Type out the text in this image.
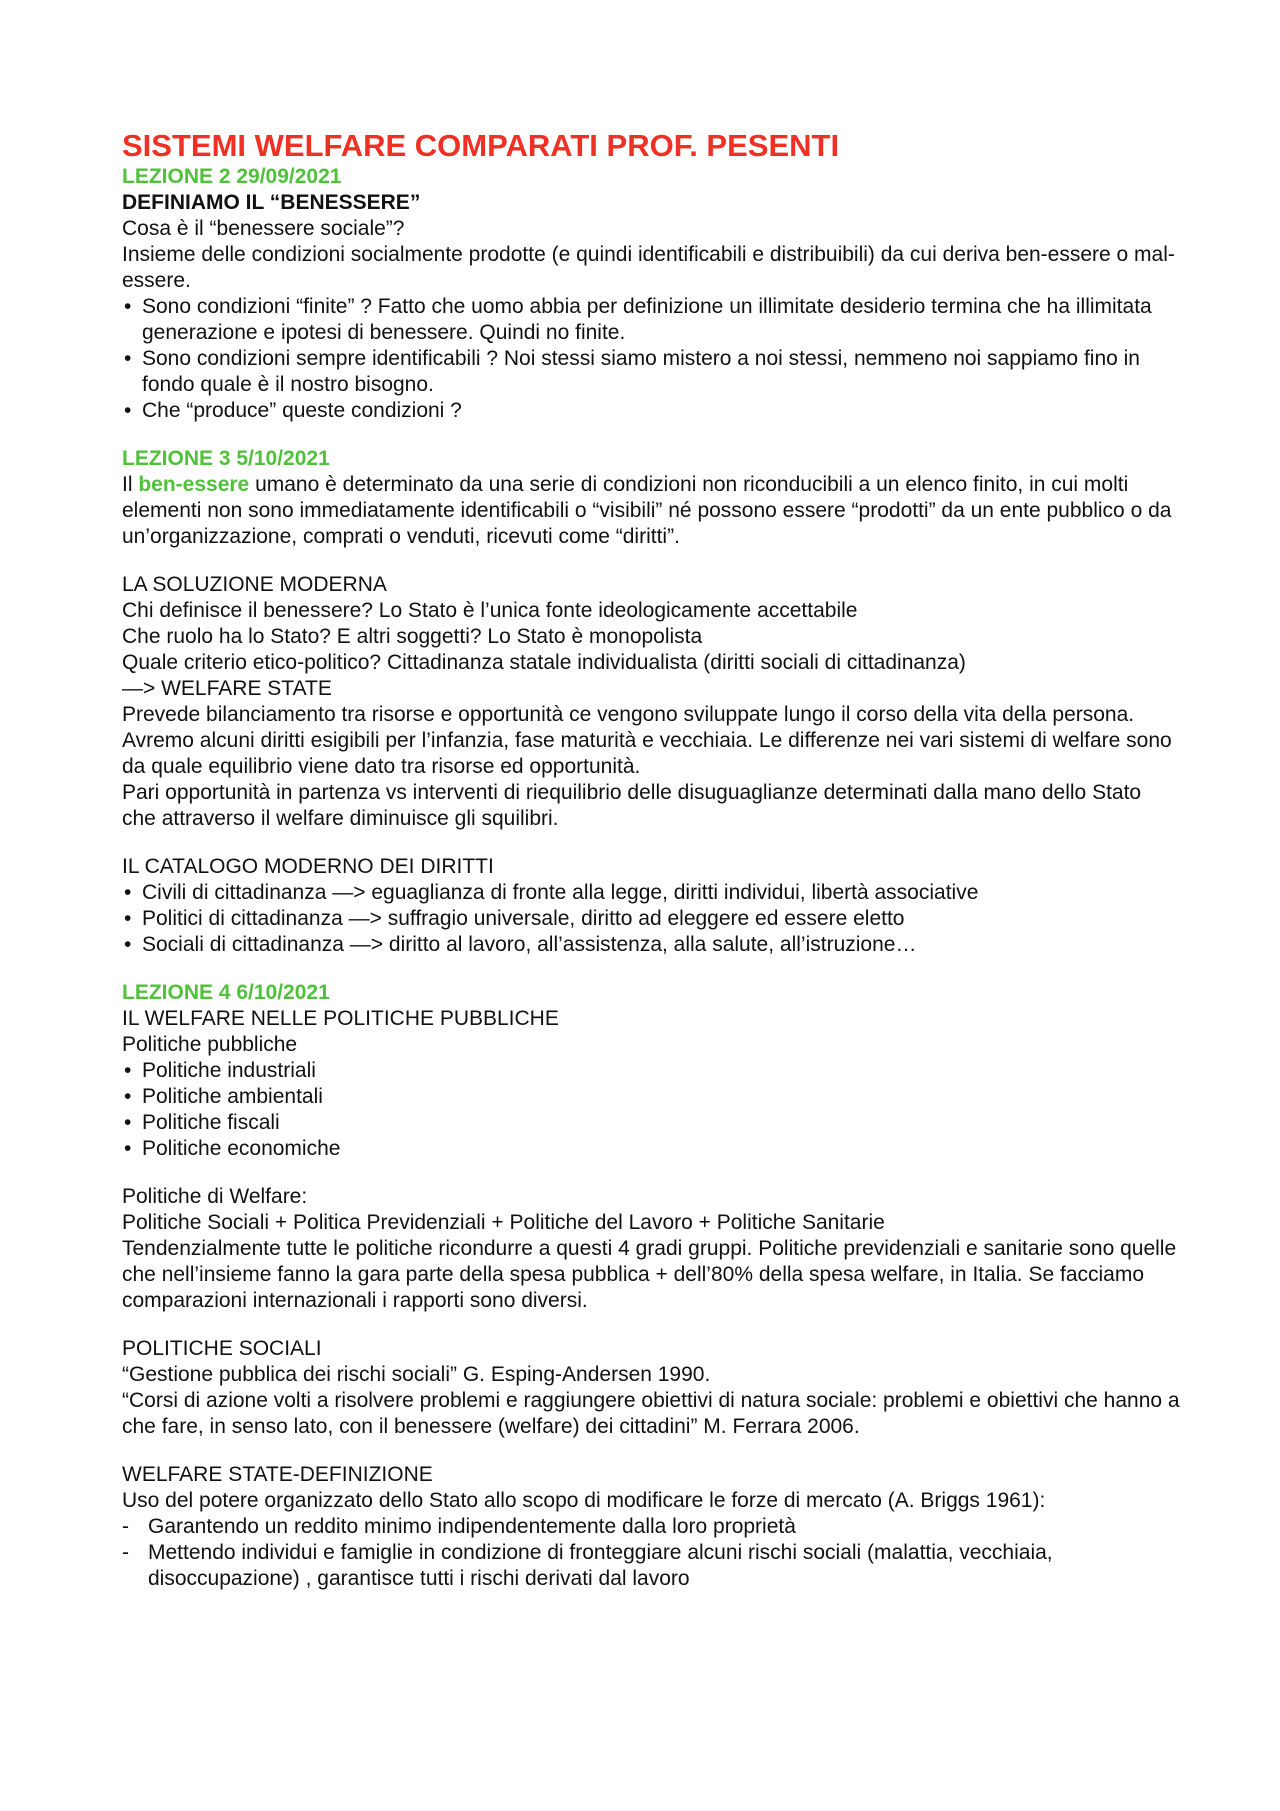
SISTEMI WELFARE COMPARATI PROF. PESENTI

LEZIONE 2 29/09/2021

DEFINIAMO IL “BENESSERE”

Cosa è il “benessere sociale”?

Insieme delle condizioni socialmente prodotte (e quindi identificabili e distribuibili) da cui deriva ben-essere o mal-essere.

• Sono condizioni “finite” ? Fatto che uomo abbia per definizione un illimitate desiderio termina che ha illimitata generazione e ipotesi di benessere. Quindi no finite.
• Sono condizioni sempre identificabili ? Noi stessi siamo mistero a noi stessi, nemmeno noi sappiamo fino in fondo quale è il nostro bisogno.
• Che “produce” queste condizioni ?

LEZIONE 3 5/10/2021

Il ben-essere umano è determinato da una serie di condizioni non riconducibili a un elenco finito, in cui molti elementi non sono immediatamente identificabili o “visibili” né possono essere “prodotti” da un ente pubblico o da un’organizzazione, comprati o venduti, ricevuti come “diritti”.

LA SOLUZIONE MODERNA

Chi definisce il benessere? Lo Stato è l’unica fonte ideologicamente accettabile

Che ruolo ha lo Stato? E altri soggetti? Lo Stato è monopolista

Quale criterio etico-politico? Cittadinanza statale individualista (diritti sociali di cittadinanza)

—> WELFARE STATE

Prevede bilanciamento tra risorse e opportunità ce vengono sviluppate lungo il corso della vita della persona. Avremo alcuni diritti esigibili per l’infanzia, fase maturità e vecchiaia. Le differenze nei vari sistemi di welfare sono da quale equilibrio viene dato tra risorse ed opportunità.

Pari opportunità in partenza vs interventi di riequilibrio delle disuguaglianze determinati dalla mano dello Stato che attraverso il welfare diminuisce gli squilibri.

IL CATALOGO MODERNO DEI DIRITTI

• Civili di cittadinanza —> eguaglianza di fronte alla legge, diritti individui, libertà associative
• Politici di cittadinanza —> suffragio universale, diritto ad eleggere ed essere eletto
• Sociali di cittadinanza —> diritto al lavoro, all’assistenza, alla salute, all’istruzione…

LEZIONE 4 6/10/2021

IL WELFARE NELLE POLITICHE PUBBLICHE

Politiche pubbliche

• Politiche industriali
• Politiche ambientali
• Politiche fiscali
• Politiche economiche

Politiche di Welfare:

Politiche Sociali + Politica Previdenziali + Politiche del Lavoro + Politiche Sanitarie

Tendenzialmente tutte le politiche ricondurre a questi 4 gradi gruppi. Politiche previdenziali e sanitarie sono quelle che nell’insieme fanno la gara parte della spesa pubblica + dell’80% della spesa welfare, in Italia. Se facciamo comparazioni internazionali i rapporti sono diversi.

POLITICHE SOCIALI

“Gestione pubblica dei rischi sociali” G. Esping-Andersen 1990.

“Corsi di azione volti a risolvere problemi e raggiungere obiettivi di natura sociale: problemi e obiettivi che hanno a che fare, in senso lato, con il benessere (welfare) dei cittadini” M. Ferrara 2006.

WELFARE STATE-DEFINIZIONE

Uso del potere organizzato dello Stato allo scopo di modificare le forze di mercato (A. Briggs 1961):

- Garantendo un reddito minimo indipendentemente dalla loro proprietà
- Mettendo individui e famiglie in condizione di fronteggiare alcuni rischi sociali (malattia, vecchiaia, disoccupazione) , garantisce tutti i rischi derivati dal lavoro
